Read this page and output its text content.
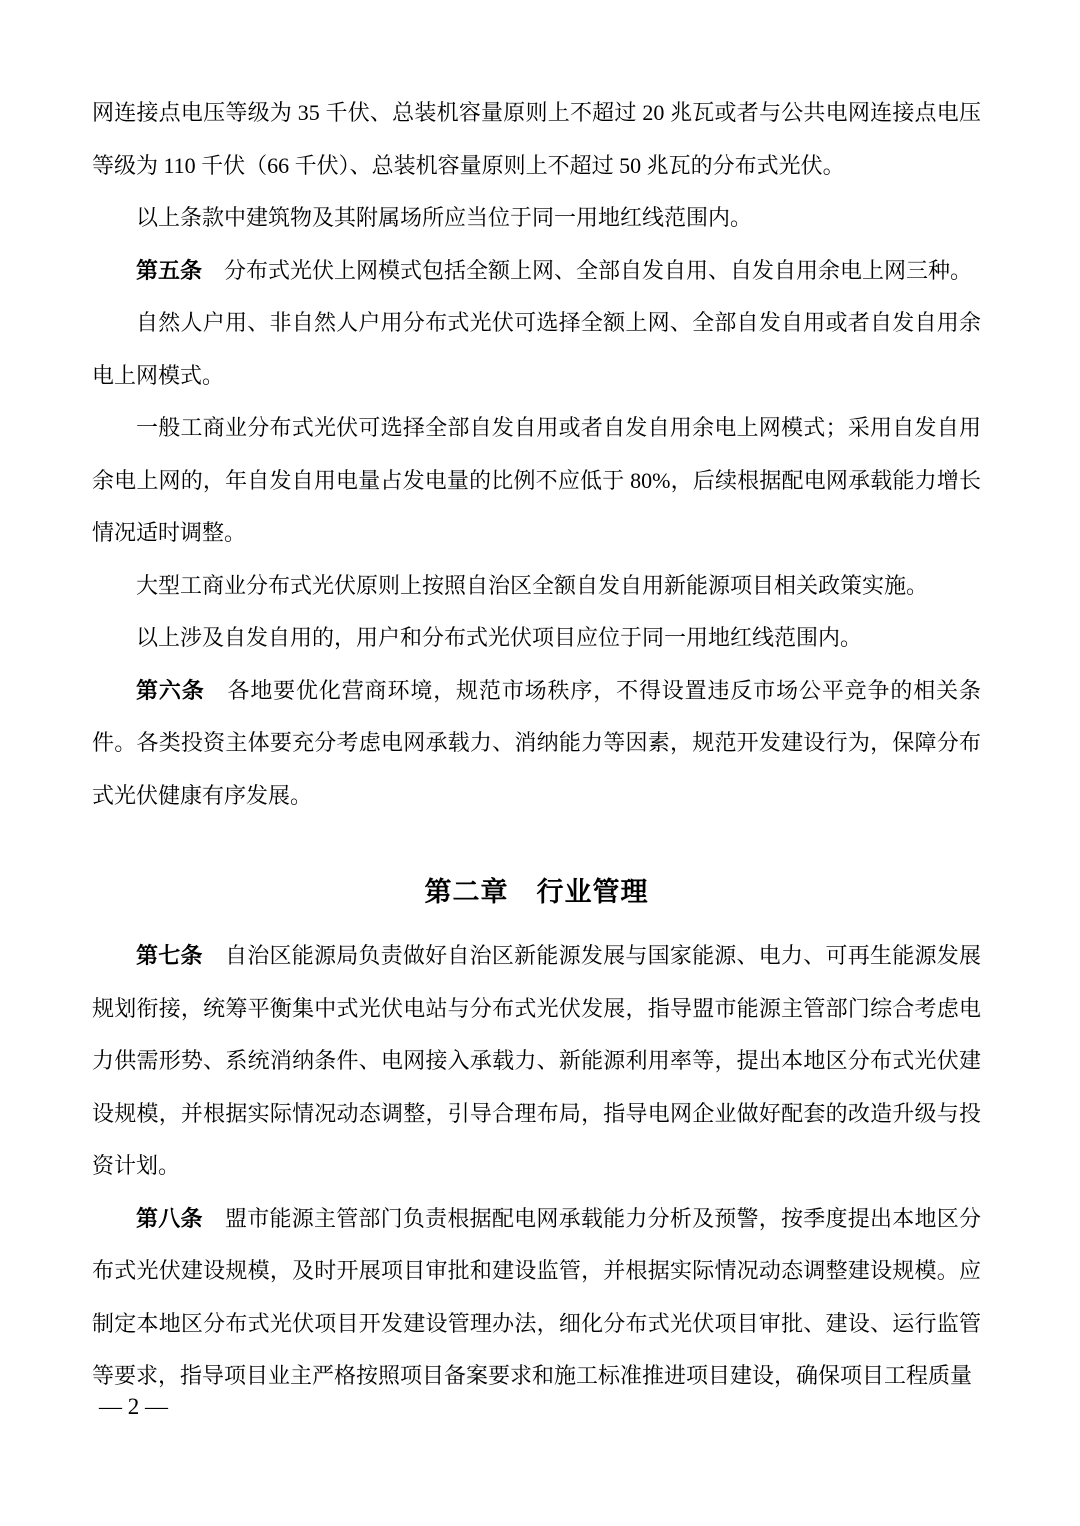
网连接点电压等级为 35 千伏、总装机容量原则上不超过 20 兆瓦或者与公共电网连接点电压等级为 110 千伏（66 千伏）、总装机容量原则上不超过 50 兆瓦的分布式光伏。

以上条款中建筑物及其附属场所应当位于同一用地红线范围内。

第五条　分布式光伏上网模式包括全额上网、全部自发自用、自发自用余电上网三种。

自然人户用、非自然人户用分布式光伏可选择全额上网、全部自发自用或者自发自用余电上网模式。

一般工商业分布式光伏可选择全部自发自用或者自发自用余电上网模式；采用自发自用余电上网的，年自发自用电量占发电量的比例不应低于 80%，后续根据配电网承载能力增长情况适时调整。

大型工商业分布式光伏原则上按照自治区全额自发自用新能源项目相关政策实施。

以上涉及自发自用的，用户和分布式光伏项目应位于同一用地红线范围内。

第六条　各地要优化营商环境，规范市场秩序，不得设置违反市场公平竞争的相关条件。各类投资主体要充分考虑电网承载力、消纳能力等因素，规范开发建设行为，保障分布式光伏健康有序发展。

第二章　行业管理

第七条　自治区能源局负责做好自治区新能源发展与国家能源、电力、可再生能源发展规划衔接，统筹平衡集中式光伏电站与分布式光伏发展，指导盟市能源主管部门综合考虑电力供需形势、系统消纳条件、电网接入承载力、新能源利用率等，提出本地区分布式光伏建设规模，并根据实际情况动态调整，引导合理布局，指导电网企业做好配套的改造升级与投资计划。

第八条　盟市能源主管部门负责根据配电网承载能力分析及预警，按季度提出本地区分布式光伏建设规模，及时开展项目审批和建设监管，并根据实际情况动态调整建设规模。应制定本地区分布式光伏项目开发建设管理办法，细化分布式光伏项目审批、建设、运行监管等要求，指导项目业主严格按照项目备案要求和施工标准推进项目建设，确保项目工程质量

— 2 —
